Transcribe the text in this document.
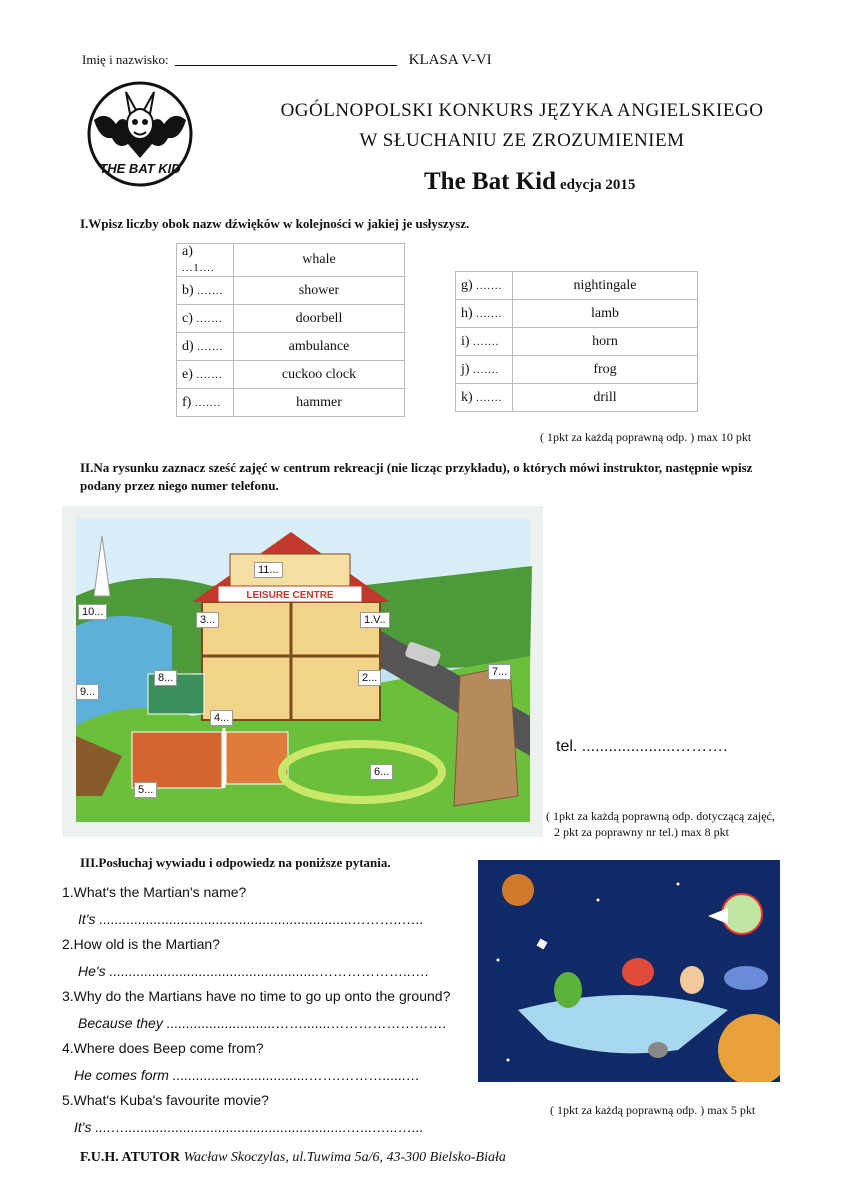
Imię i nazwisko:	KLASA V-VI
THE BAT KID
OGÓLNOPOLSKI KONKURS JĘZYKA ANGIELSKIEGO
W SŁUCHANIU ZE ZROZUMIENIEM
The Bat Kid edycja 2015
I.Wpisz liczby obok nazw dźwięków w kolejności w jakiej je usłyszysz.
a) ...1....	whale
b) .......	shower
c) .......	doorbell
d) .......	ambulance
e) .......	cuckoo clock
f) .......	hammer
g) .......	nightingale
h) .......	lamb
i) .......	horn
j) .......	frog
k) .......	drill
( 1pkt za każdą poprawną odp. ) max 10 pkt
II.Na rysunku zaznacz sześć zajęć w centrum rekreacji (nie licząc przykładu), o których mówi instruktor, następnie wpisz podany przez niego numer telefonu.
LEISURE CENTRE
11...
3...	1.V..
10...
8...	2...	7...
9...
4...
6...
5...
tel. .....................……….
( 1pkt za każdą poprawną odp. dotyczącą zajęć,
2 pkt za poprawny nr tel.) max 8 pkt
III.Posłuchaj wywiadu i odpowiedz na poniższe pytania.
1.What's the Martian's name?
It's .................................................................………..…..
2.How old is the Martian?
He's ......................................................………………..….
3.Why do the Martians have no time to go up onto the ground?
Because they ............................…….......…………………….
4.Where does Beep come from?
He comes form ...................................…….………......…
5.What's Kuba's favourite movie?
It's ....….........................................................…...…...…...
( 1pkt za każdą poprawną odp. ) max 5 pkt
F.U.H. ATUTOR Wacław Skoczylas, ul.Tuwima 5a/6, 43-300 Bielsko-Biała
